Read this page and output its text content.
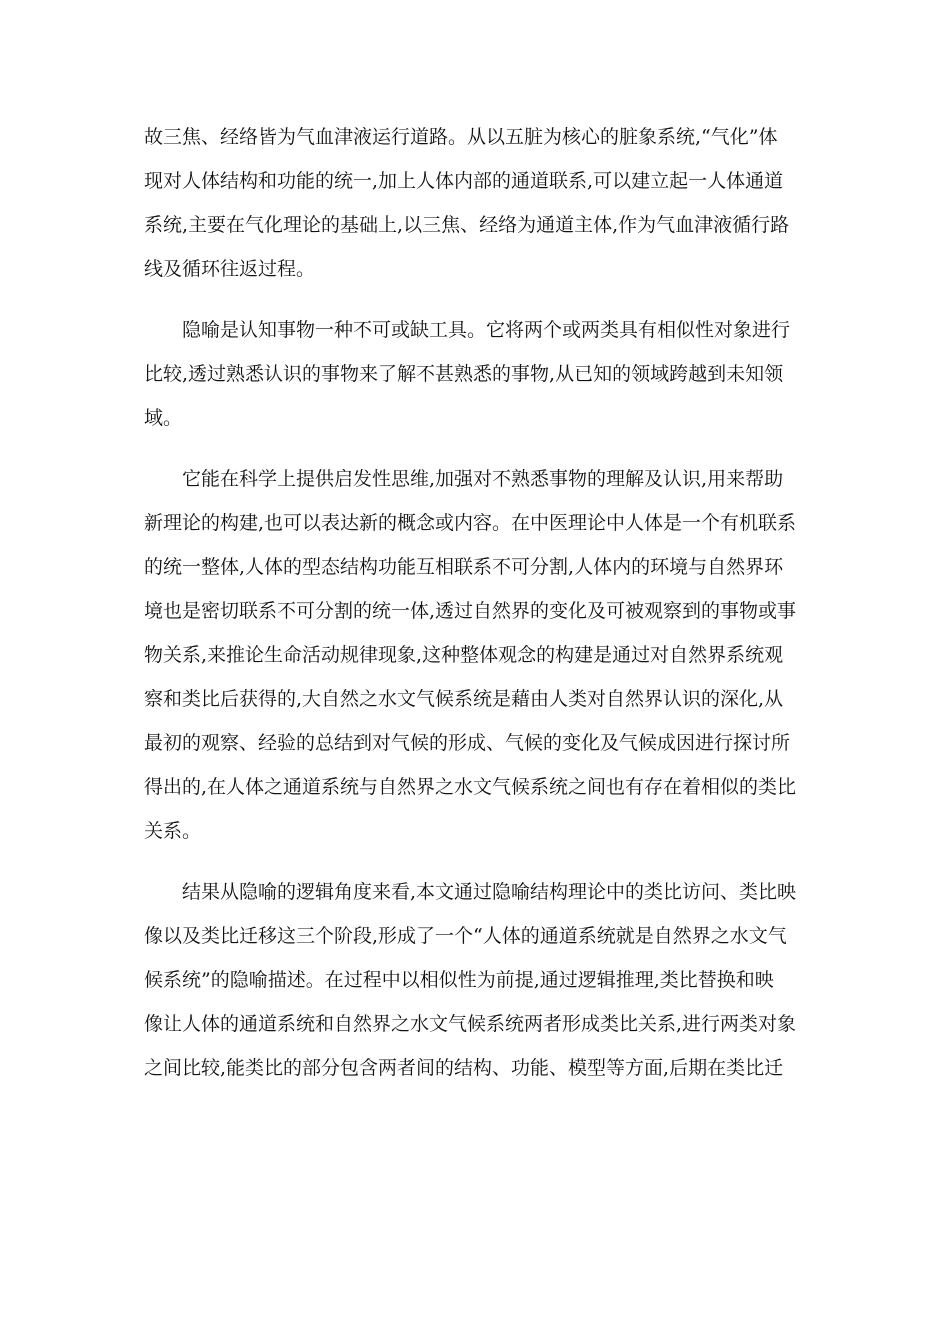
故三焦、经络皆为气血津液运行道路。从以五脏为核心的脏象系统,“气化”体
现对人体结构和功能的统一,加上人体内部的通道联系,可以建立起一人体通道
系统,主要在气化理论的基础上,以三焦、经络为通道主体,作为气血津液循行路
线及循环往返过程。

隐喻是认知事物一种不可或缺工具。它将两个或两类具有相似性对象进行
比较,透过熟悉认识的事物来了解不甚熟悉的事物,从已知的领域跨越到未知领
域。

它能在科学上提供启发性思维,加强对不熟悉事物的理解及认识,用来帮助
新理论的构建,也可以表达新的概念或内容。在中医理论中人体是一个有机联系
的统一整体,人体的型态结构功能互相联系不可分割,人体内的环境与自然界环
境也是密切联系不可分割的统一体,透过自然界的变化及可被观察到的事物或事
物关系,来推论生命活动规律现象,这种整体观念的构建是通过对自然界系统观
察和类比后获得的,大自然之水文气候系统是藉由人类对自然界认识的深化,从
最初的观察、经验的总结到对气候的形成、气候的变化及气候成因进行探讨所
得出的,在人体之通道系统与自然界之水文气候系统之间也有存在着相似的类比
关系。

结果从隐喻的逻辑角度来看,本文通过隐喻结构理论中的类比访问、类比映
像以及类比迁移这三个阶段,形成了一个“人体的通道系统就是自然界之水文气
候系统”的隐喻描述。在过程中以相似性为前提,通过逻辑推理,类比替换和映
像让人体的通道系统和自然界之水文气候系统两者形成类比关系,进行两类对象
之间比较,能类比的部分包含两者间的结构、功能、模型等方面,后期在类比迁
